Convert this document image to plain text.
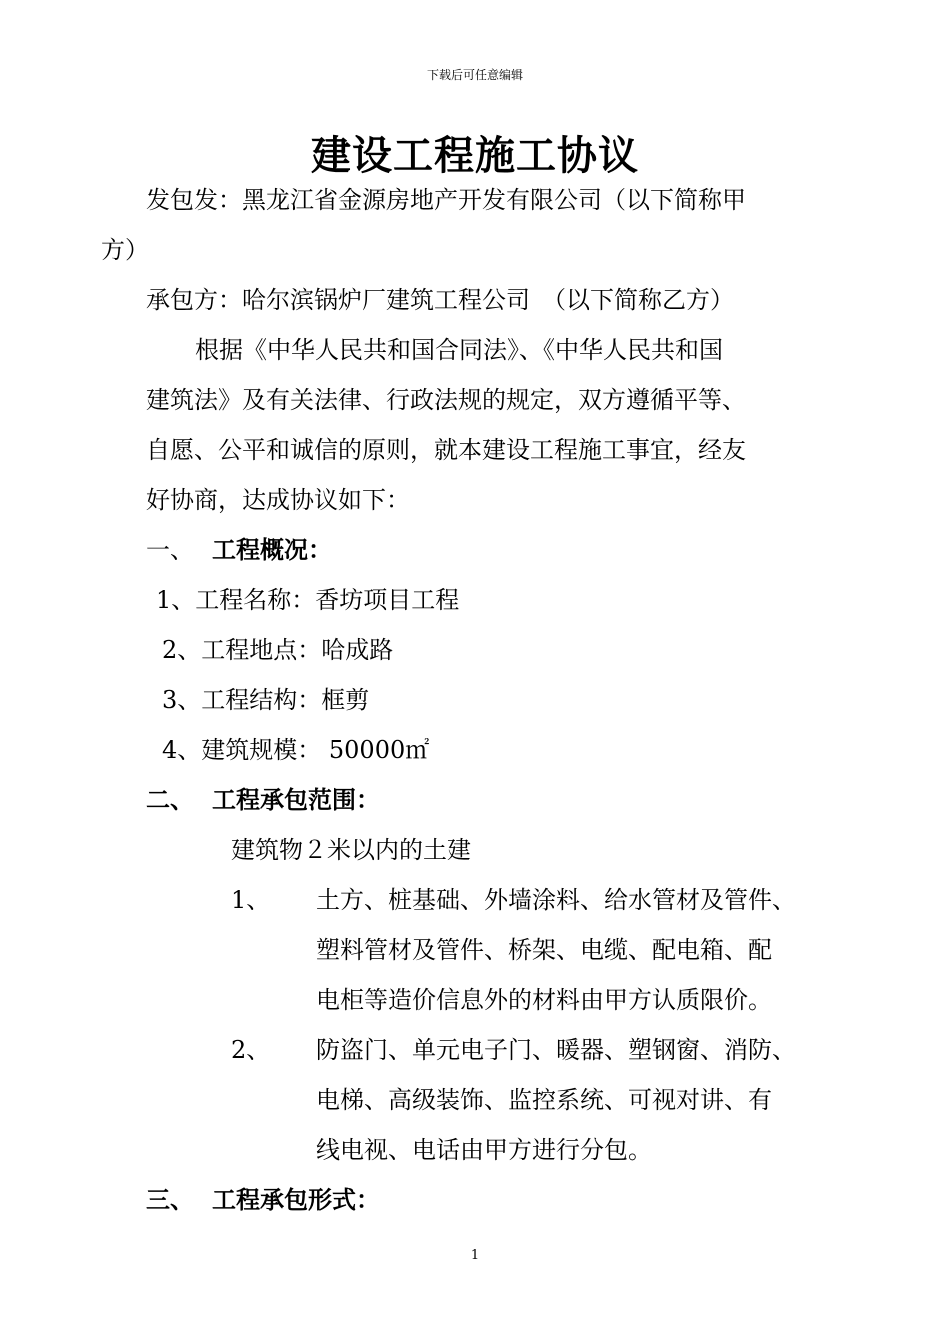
下载后可任意编辑
建设工程施工协议
发包发：黑龙江省金源房地产开发有限公司（以下简称甲
方）
承包方：哈尔滨锅炉厂建筑工程公司　（以下简称乙方）
根据《中华人民共和国合同法》、《中华人民共和国
建筑法》及有关法律、行政法规的规定，双方遵循平等、
自愿、公平和诚信的原则，就本建设工程施工事宜，经友
好协商，达成协议如下：
一、 工程概况：
1、工程名称：香坊项目工程
2、工程地点：哈成路
3、工程结构：框剪
4、建筑规模： 50000㎡
二、 工程承包范围：
建筑物２米以内的土建
1、 土方、桩基础、外墙涂料、给水管材及管件、
塑料管材及管件、桥架、电缆、配电箱、配
电柜等造价信息外的材料由甲方认质限价。
2、 防盗门、单元电子门、暖器、塑钢窗、消防、
电梯、高级装饰、监控系统、可视对讲、有
线电视、电话由甲方进行分包。
三、 工程承包形式：
1
